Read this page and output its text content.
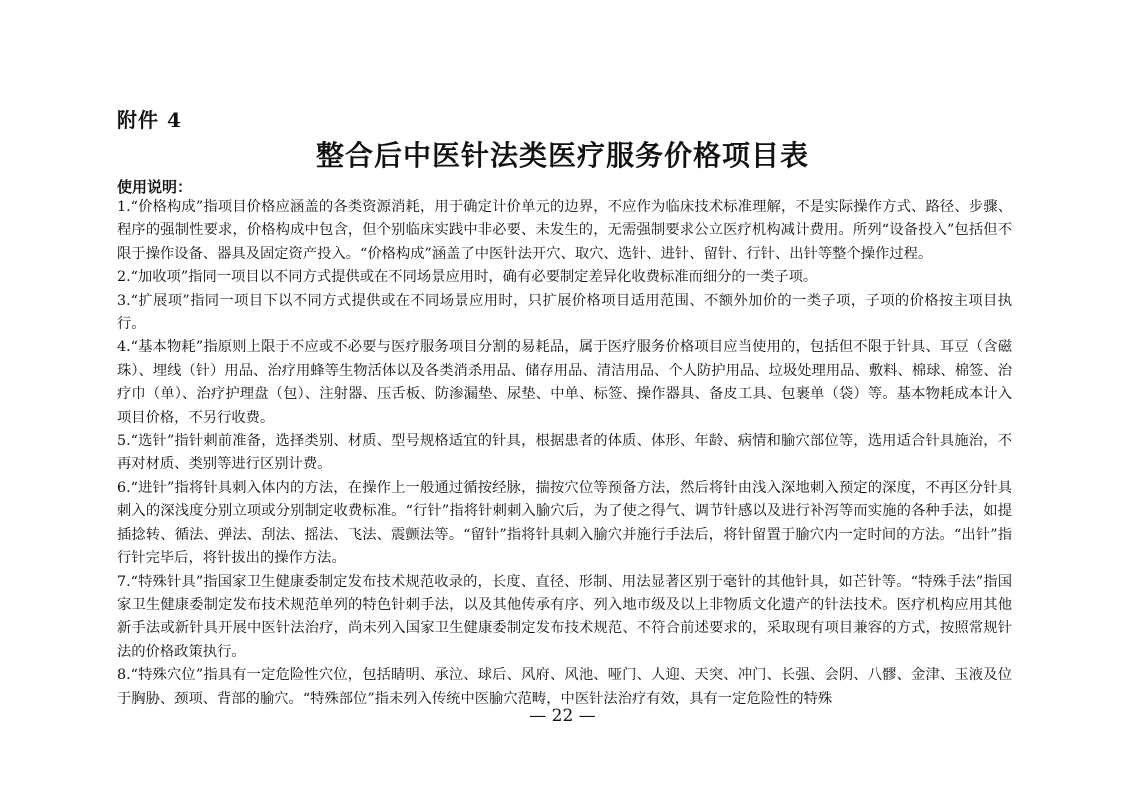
附件 4
整合后中医针法类医疗服务价格项目表
使用说明：

1.“价格构成”指项目价格应涵盖的各类资源消耗，用于确定计价单元的边界，不应作为临床技术标准理解，不是实际操作方式、路径、步骤、程序的强制性要求，价格构成中包含，但个别临床实践中非必要、未发生的，无需强制要求公立医疗机构减计费用。所列“设备投入”包括但不限于操作设备、器具及固定资产投入。“价格构成”涵盖了中医针法开穴、取穴、选针、进针、留针、行针、出针等整个操作过程。

2.“加收项”指同一项目以不同方式提供或在不同场景应用时，确有必要制定差异化收费标准而细分的一类子项。

3.“扩展项”指同一项目下以不同方式提供或在不同场景应用时，只扩展价格项目适用范围、不额外加价的一类子项，子项的价格按主项目执行。

4.“基本物耗”指原则上限于不应或不必要与医疗服务项目分割的易耗品，属于医疗服务价格项目应当使用的，包括但不限于针具、耳豆（含磁珠）、埋线（针）用品、治疗用蜂等生物活体以及各类消杀用品、储存用品、清洁用品、个人防护用品、垃圾处理用品、敷料、棉球、棉签、治疗巾（单）、治疗护理盘（包）、注射器、压舌板、防渗漏垫、尿垫、中单、标签、操作器具、备皮工具、包裹单（袋）等。基本物耗成本计入项目价格，不另行收费。

5.“选针”指针刺前准备，选择类别、材质、型号规格适宜的针具，根据患者的体质、体形、年龄、病情和腧穴部位等，选用适合针具施治，不再对材质、类别等进行区别计费。

6.“进针”指将针具刺入体内的方法，在操作上一般通过循按经脉，揣按穴位等预备方法，然后将针由浅入深地刺入预定的深度，不再区分针具刺入的深浅度分别立项或分别制定收费标准。“行针”指将针刺刺入腧穴后，为了使之得气、调节针感以及进行补泻等而实施的各种手法，如提插捻转、循法、弹法、刮法、摇法、飞法、震颤法等。“留针”指将针具刺入腧穴并施行手法后，将针留置于腧穴内一定时间的方法。“出针”指行针完毕后，将针拔出的操作方法。

7.“特殊针具”指国家卫生健康委制定发布技术规范收录的，长度、直径、形制、用法显著区别于毫针的其他针具，如芒针等。“特殊手法”指国家卫生健康委制定发布技术规范单列的特色针刺手法，以及其他传承有序、列入地市级及以上非物质文化遗产的针法技术。医疗机构应用其他新手法或新针具开展中医针法治疗，尚未列入国家卫生健康委制定发布技术规范、不符合前述要求的，采取现有项目兼容的方式，按照常规针法的价格政策执行。

8.“特殊穴位”指具有一定危险性穴位，包括睛明、承泣、球后、风府、风池、哑门、人迎、天突、冲门、长强、会阴、八髎、金津、玉液及位于胸胁、颈项、背部的腧穴。“特殊部位”指未列入传统中医腧穴范畴，中医针法治疗有效，具有一定危险性的特殊

— 22 —
